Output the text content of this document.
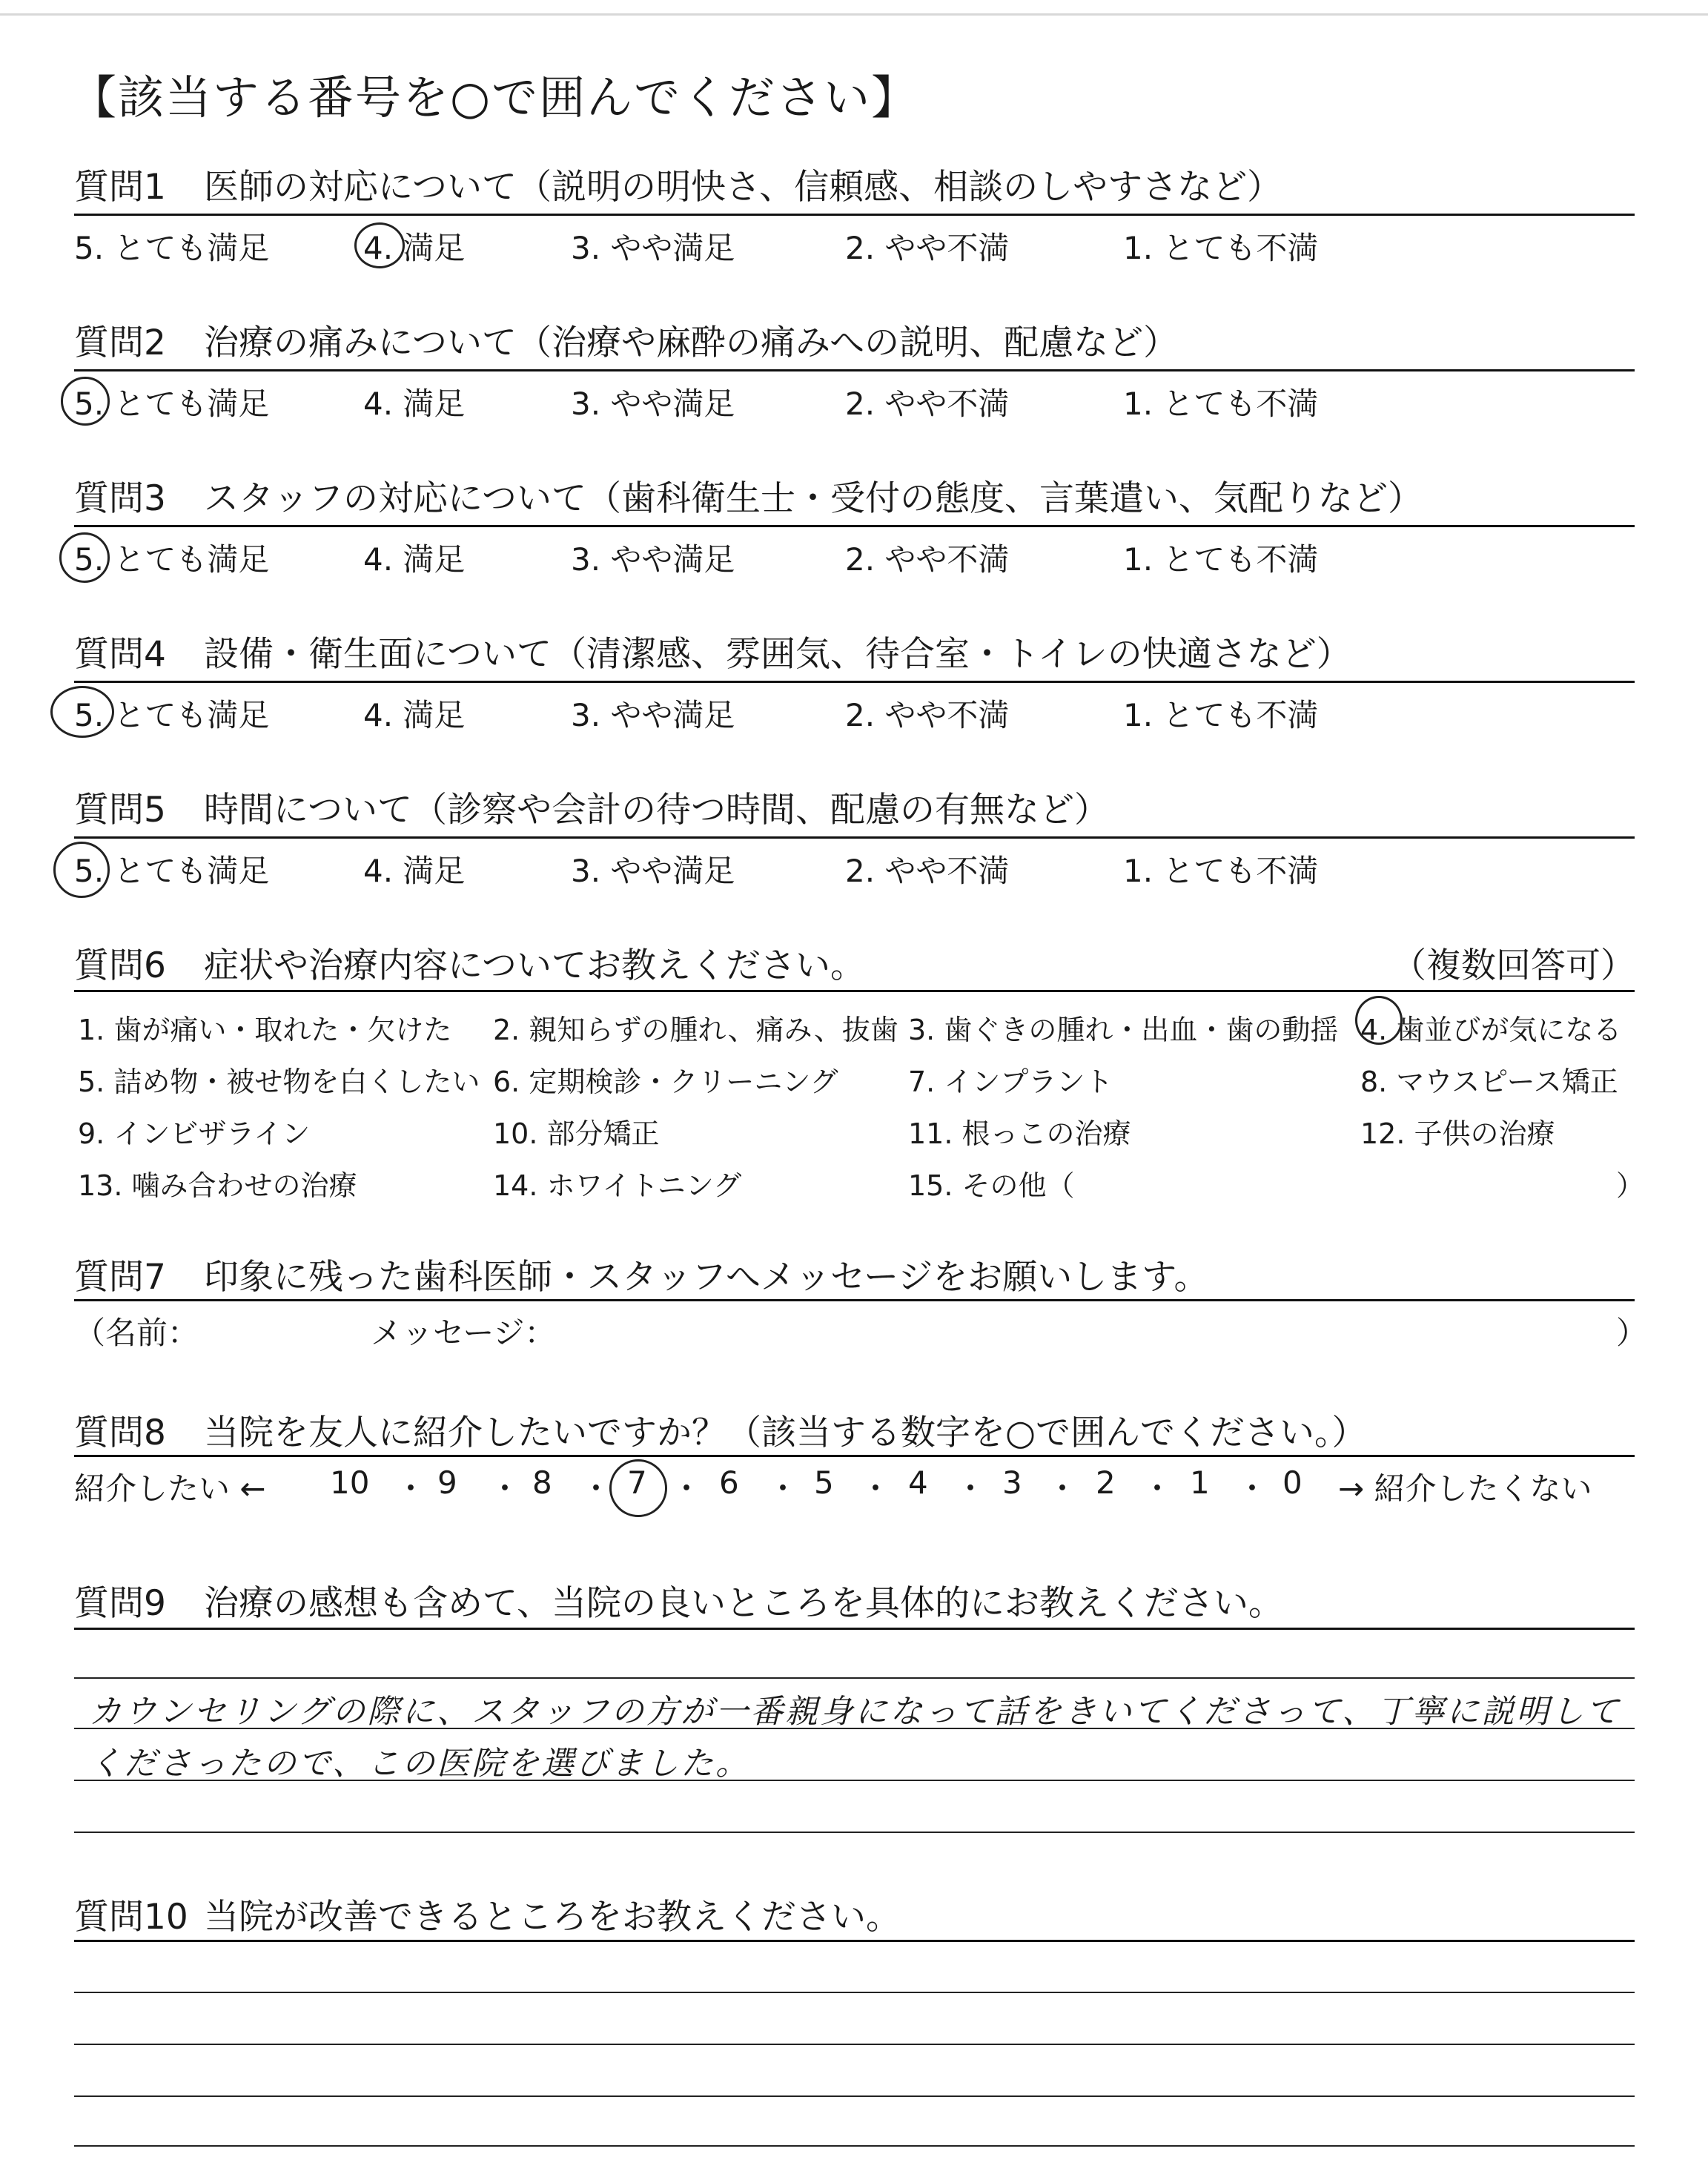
【該当する番号を○で囲んでください】
質問1 医師の対応について（説明の明快さ、信頼感、相談のしやすさなど）
5. とても満足	4. 満足	3. やや満足	2. やや不満	1. とても不満
質問2 治療の痛みについて（治療や麻酔の痛みへの説明、配慮など）
5. とても満足	4. 満足	3. やや満足	2. やや不満	1. とても不満
質問3 スタッフの対応について（歯科衛生士・受付の態度、言葉遣い、気配りなど）
5. とても満足	4. 満足	3. やや満足	2. やや不満	1. とても不満
質問4 設備・衛生面について（清潔感、雰囲気、待合室・トイレの快適さなど）
5. とても満足	4. 満足	3. やや満足	2. やや不満	1. とても不満
質問5 時間について（診察や会計の待つ時間、配慮の有無など）
5. とても満足	4. 満足	3. やや満足	2. やや不満	1. とても不満
質問6 症状や治療内容についてお教えください。	（複数回答可）
1. 歯が痛い・取れた・欠けた 2. 親知らずの腫れ、痛み、抜歯 3. 歯ぐきの腫れ・出血・歯の動揺 4. 歯並びが気になる
5. 詰め物・被せ物を白くしたい 6. 定期検診・クリーニング 7. インプラント	8. マウスピース矯正
9. インビザライン	10. 部分矯正	11. 根っこの治療	12. 子供の治療
13. 噛み合わせの治療	14. ホワイトニング	15. その他（	）
質問7 印象に残った歯科医師・スタッフへメッセージをお願いします。
（名前：	メッセージ：	）
質問8 当院を友人に紹介したいですか？（該当する数字を○で囲んでください。）
紹介したい ← 10 ・ 9 ・ 8 ・ 7 ・ 6 ・ 5 ・ 4 ・ 3 ・ 2 ・ 1 ・ 0 → 紹介したくない
質問9 治療の感想も含めて、当院の良いところを具体的にお教えください。
カウンセリングの際に、スタッフの方が一番親身になって話をきいてくださって、丁寧に説明して
くださったので、この医院を選びました。
質問10 当院が改善できるところをお教えください。
